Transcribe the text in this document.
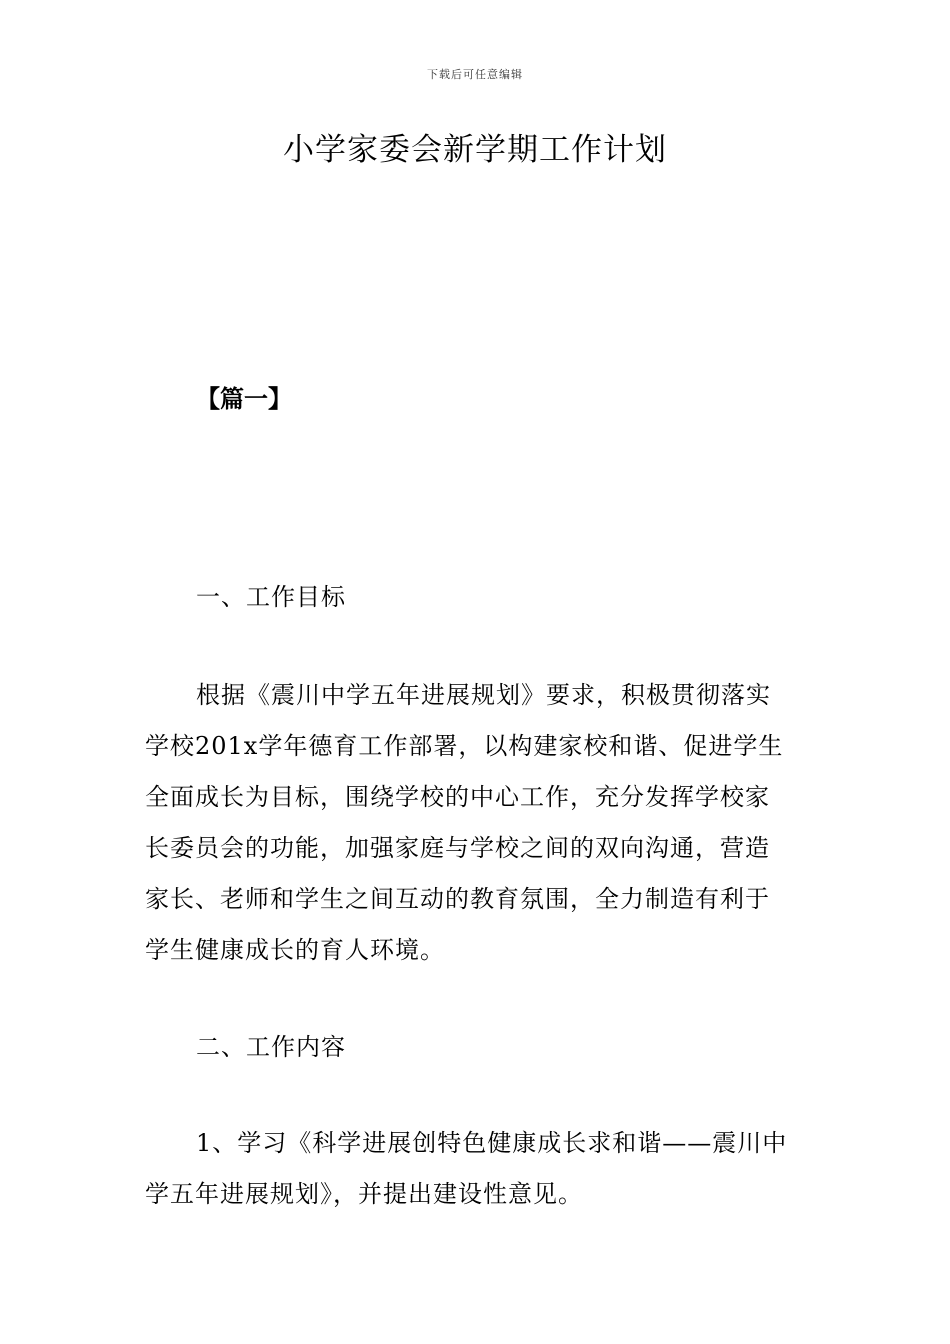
下载后可任意编辑
小学家委会新学期工作计划
【篇一】
一、工作目标
根据《震川中学五年进展规划》要求，积极贯彻落实
学校201x学年德育工作部署，以构建家校和谐、促进学生
全面成长为目标，围绕学校的中心工作，充分发挥学校家
长委员会的功能，加强家庭与学校之间的双向沟通，营造
家长、老师和学生之间互动的教育氛围，全力制造有利于
学生健康成长的育人环境。
二、工作内容
1、学习《科学进展创特色健康成长求和谐——震川中
学五年进展规划》，并提出建设性意见。
